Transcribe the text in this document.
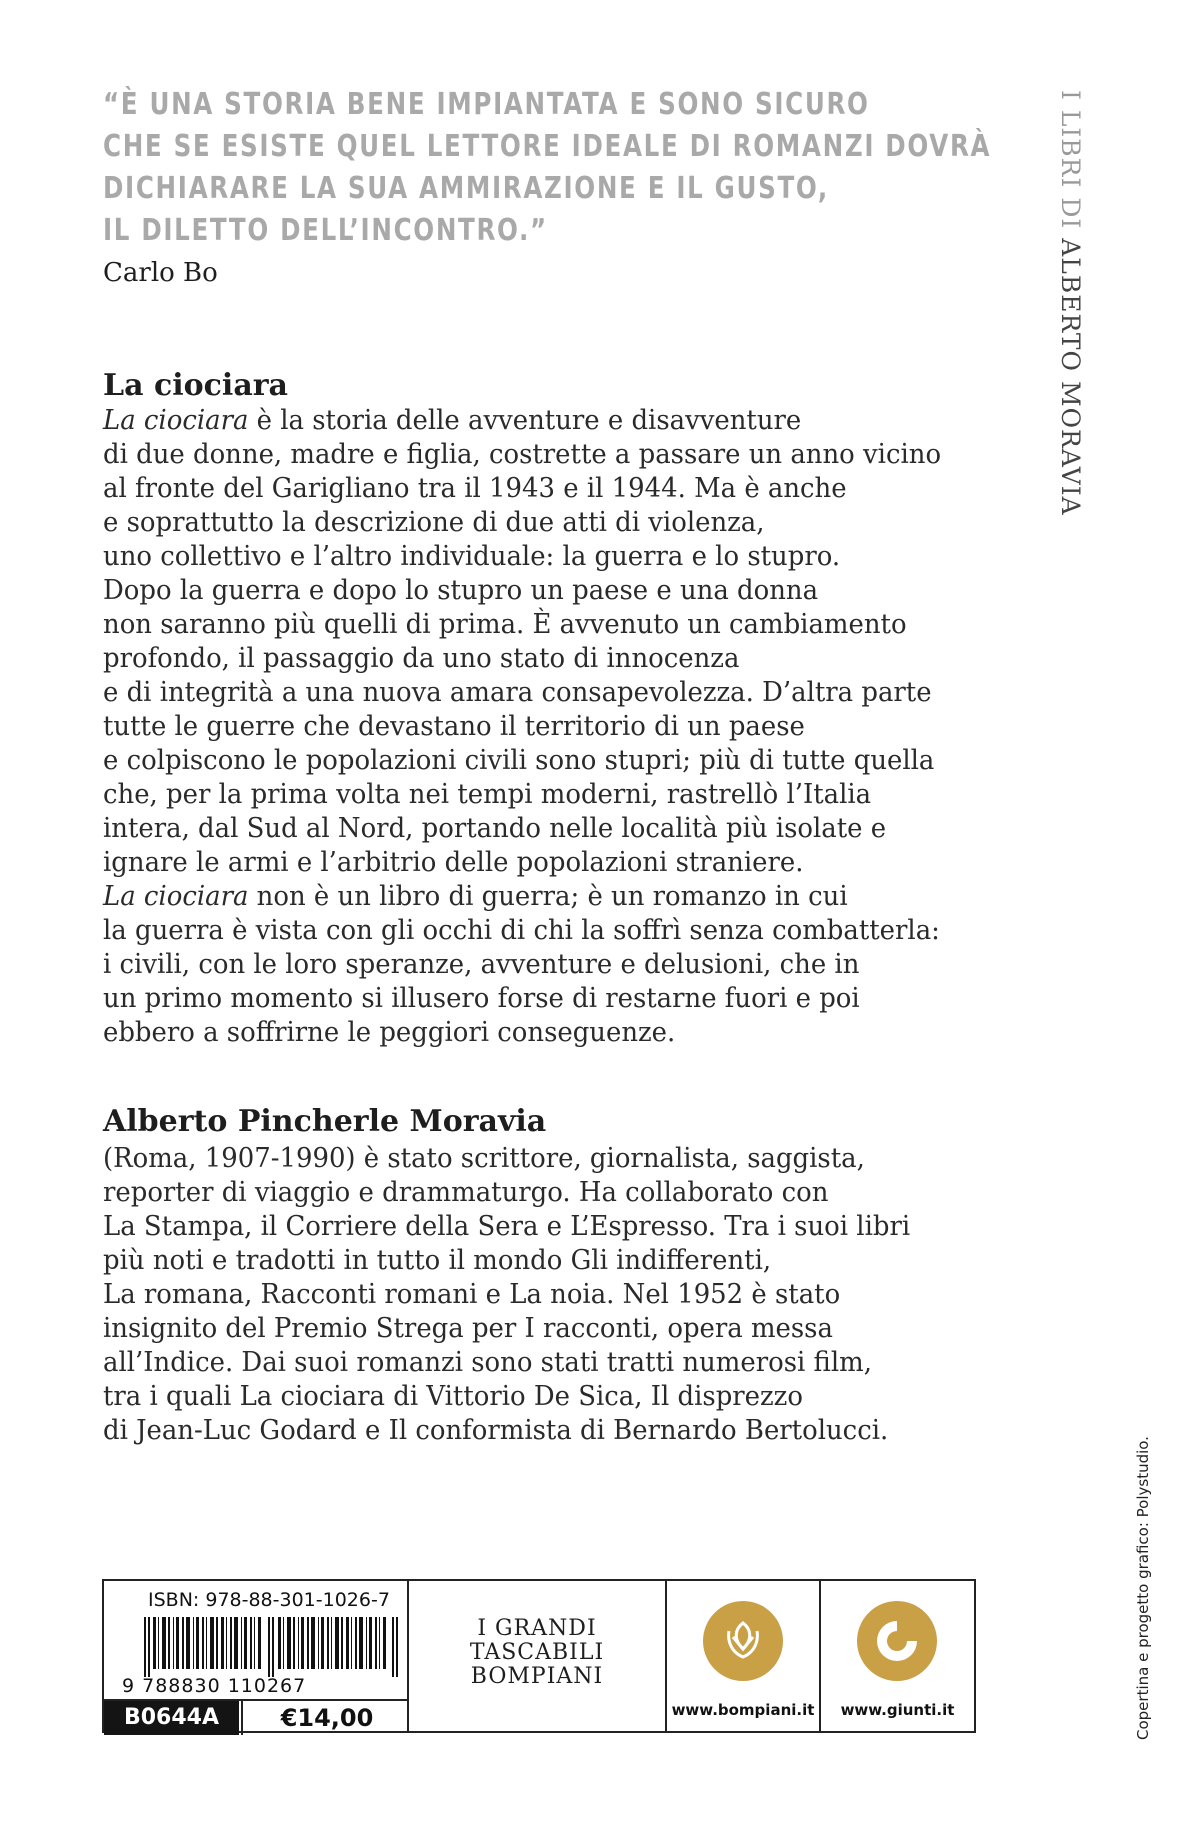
“È UNA STORIA BENE IMPIANTATA E SONO SICURO
CHE SE ESISTE QUEL LETTORE IDEALE DI ROMANZI DOVRÀ
DICHIARARE LA SUA AMMIRAZIONE E IL GUSTO,
IL DILETTO DELL’INCONTRO.”
Carlo Bo
La ciociara
La ciociara è la storia delle avventure e disavventure
di due donne, madre e figlia, costrette a passare un anno vicino
al fronte del Garigliano tra il 1943 e il 1944. Ma è anche
e soprattutto la descrizione di due atti di violenza,
uno collettivo e l’altro individuale: la guerra e lo stupro.
Dopo la guerra e dopo lo stupro un paese e una donna
non saranno più quelli di prima. È avvenuto un cambiamento
profondo, il passaggio da uno stato di innocenza
e di integrità a una nuova amara consapevolezza. D’altra parte
tutte le guerre che devastano il territorio di un paese
e colpiscono le popolazioni civili sono stupri; più di tutte quella
che, per la prima volta nei tempi moderni, rastrellò l’Italia
intera, dal Sud al Nord, portando nelle località più isolate e
ignare le armi e l’arbitrio delle popolazioni straniere.
La ciociara non è un libro di guerra; è un romanzo in cui
la guerra è vista con gli occhi di chi la soffrì senza combatterla:
i civili, con le loro speranze, avventure e delusioni, che in
un primo momento si illusero forse di restarne fuori e poi
ebbero a soffrirne le peggiori conseguenze.
Alberto Pincherle Moravia
(Roma, 1907-1990) è stato scrittore, giornalista, saggista,
reporter di viaggio e drammaturgo. Ha collaborato con
La Stampa, il Corriere della Sera e L’Espresso. Tra i suoi libri
più noti e tradotti in tutto il mondo Gli indifferenti,
La romana, Racconti romani e La noia. Nel 1952 è stato
insignito del Premio Strega per I racconti, opera messa
all’Indice. Dai suoi romanzi sono stati tratti numerosi film,
tra i quali La ciociara di Vittorio De Sica, Il disprezzo
di Jean-Luc Godard e Il conformista di Bernardo Bertolucci.
I LIBRI DI ALBERTO MORAVIA
Copertina e progetto grafico: Polystudio.
ISBN: 978-88-301-1026-7
9 788830 110267
B0644A	€14,00
I GRANDI
TASCABILI
BOMPIANI
www.bompiani.it	www.giunti.it
